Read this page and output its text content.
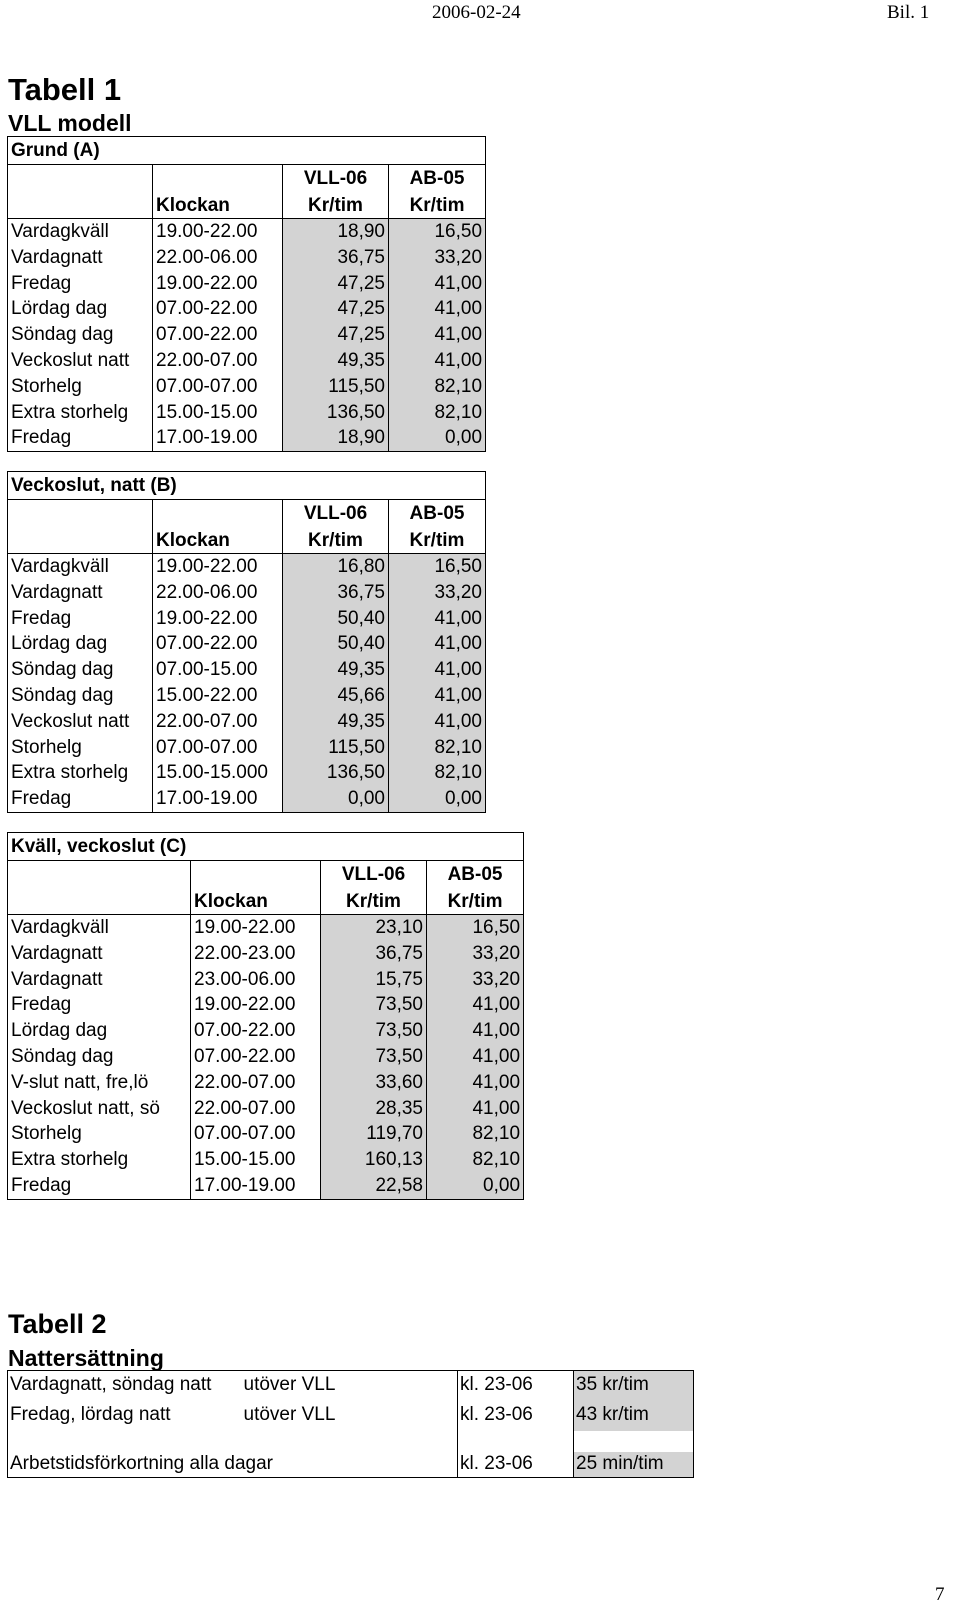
2006-02-24	Bil. 1
Tabell 1
VLL modell
Grund (A)			
		VLL-06	AB-05
	Klockan	Kr/tim	Kr/tim
Vardagkväll	19.00-22.00	18,90	16,50
Vardagnatt	22.00-06.00	36,75	33,20
Fredag	19.00-22.00	47,25	41,00
Lördag dag	07.00-22.00	47,25	41,00
Söndag dag	07.00-22.00	47,25	41,00
Veckoslut natt	22.00-07.00	49,35	41,00
Storhelg	07.00-07.00	115,50	82,10
Extra storhelg	15.00-15.00	136,50	82,10
Fredag	17.00-19.00	18,90	0,00
Veckoslut, natt (B)			
		VLL-06	AB-05
	Klockan	Kr/tim	Kr/tim
Vardagkväll	19.00-22.00	16,80	16,50
Vardagnatt	22.00-06.00	36,75	33,20
Fredag	19.00-22.00	50,40	41,00
Lördag dag	07.00-22.00	50,40	41,00
Söndag dag	07.00-15.00	49,35	41,00
Söndag dag	15.00-22.00	45,66	41,00
Veckoslut natt	22.00-07.00	49,35	41,00
Storhelg	07.00-07.00	115,50	82,10
Extra storhelg	15.00-15.000	136,50	82,10
Fredag	17.00-19.00	0,00	0,00
Kväll, veckoslut (C)			
		VLL-06	AB-05
	Klockan	Kr/tim	Kr/tim
Vardagkväll	19.00-22.00	23,10	16,50
Vardagnatt	22.00-23.00	36,75	33,20
Vardagnatt	23.00-06.00	15,75	33,20
Fredag	19.00-22.00	73,50	41,00
Lördag dag	07.00-22.00	73,50	41,00
Söndag dag	07.00-22.00	73,50	41,00
V-slut natt, fre,lö	22.00-07.00	33,60	41,00
Veckoslut natt, sö	22.00-07.00	28,35	41,00
Storhelg	07.00-07.00	119,70	82,10
Extra storhelg	15.00-15.00	160,13	82,10
Fredag	17.00-19.00	22,58	0,00
Tabell 2
Nattersättning
Vardagnatt, söndag natt	utöver VLL	kl. 23-06	35 kr/tim
Fredag, lördag natt	utöver VLL	kl. 23-06	43 kr/tim

Arbetstidsförkortning alla dagar		kl. 23-06	25 min/tim
7
